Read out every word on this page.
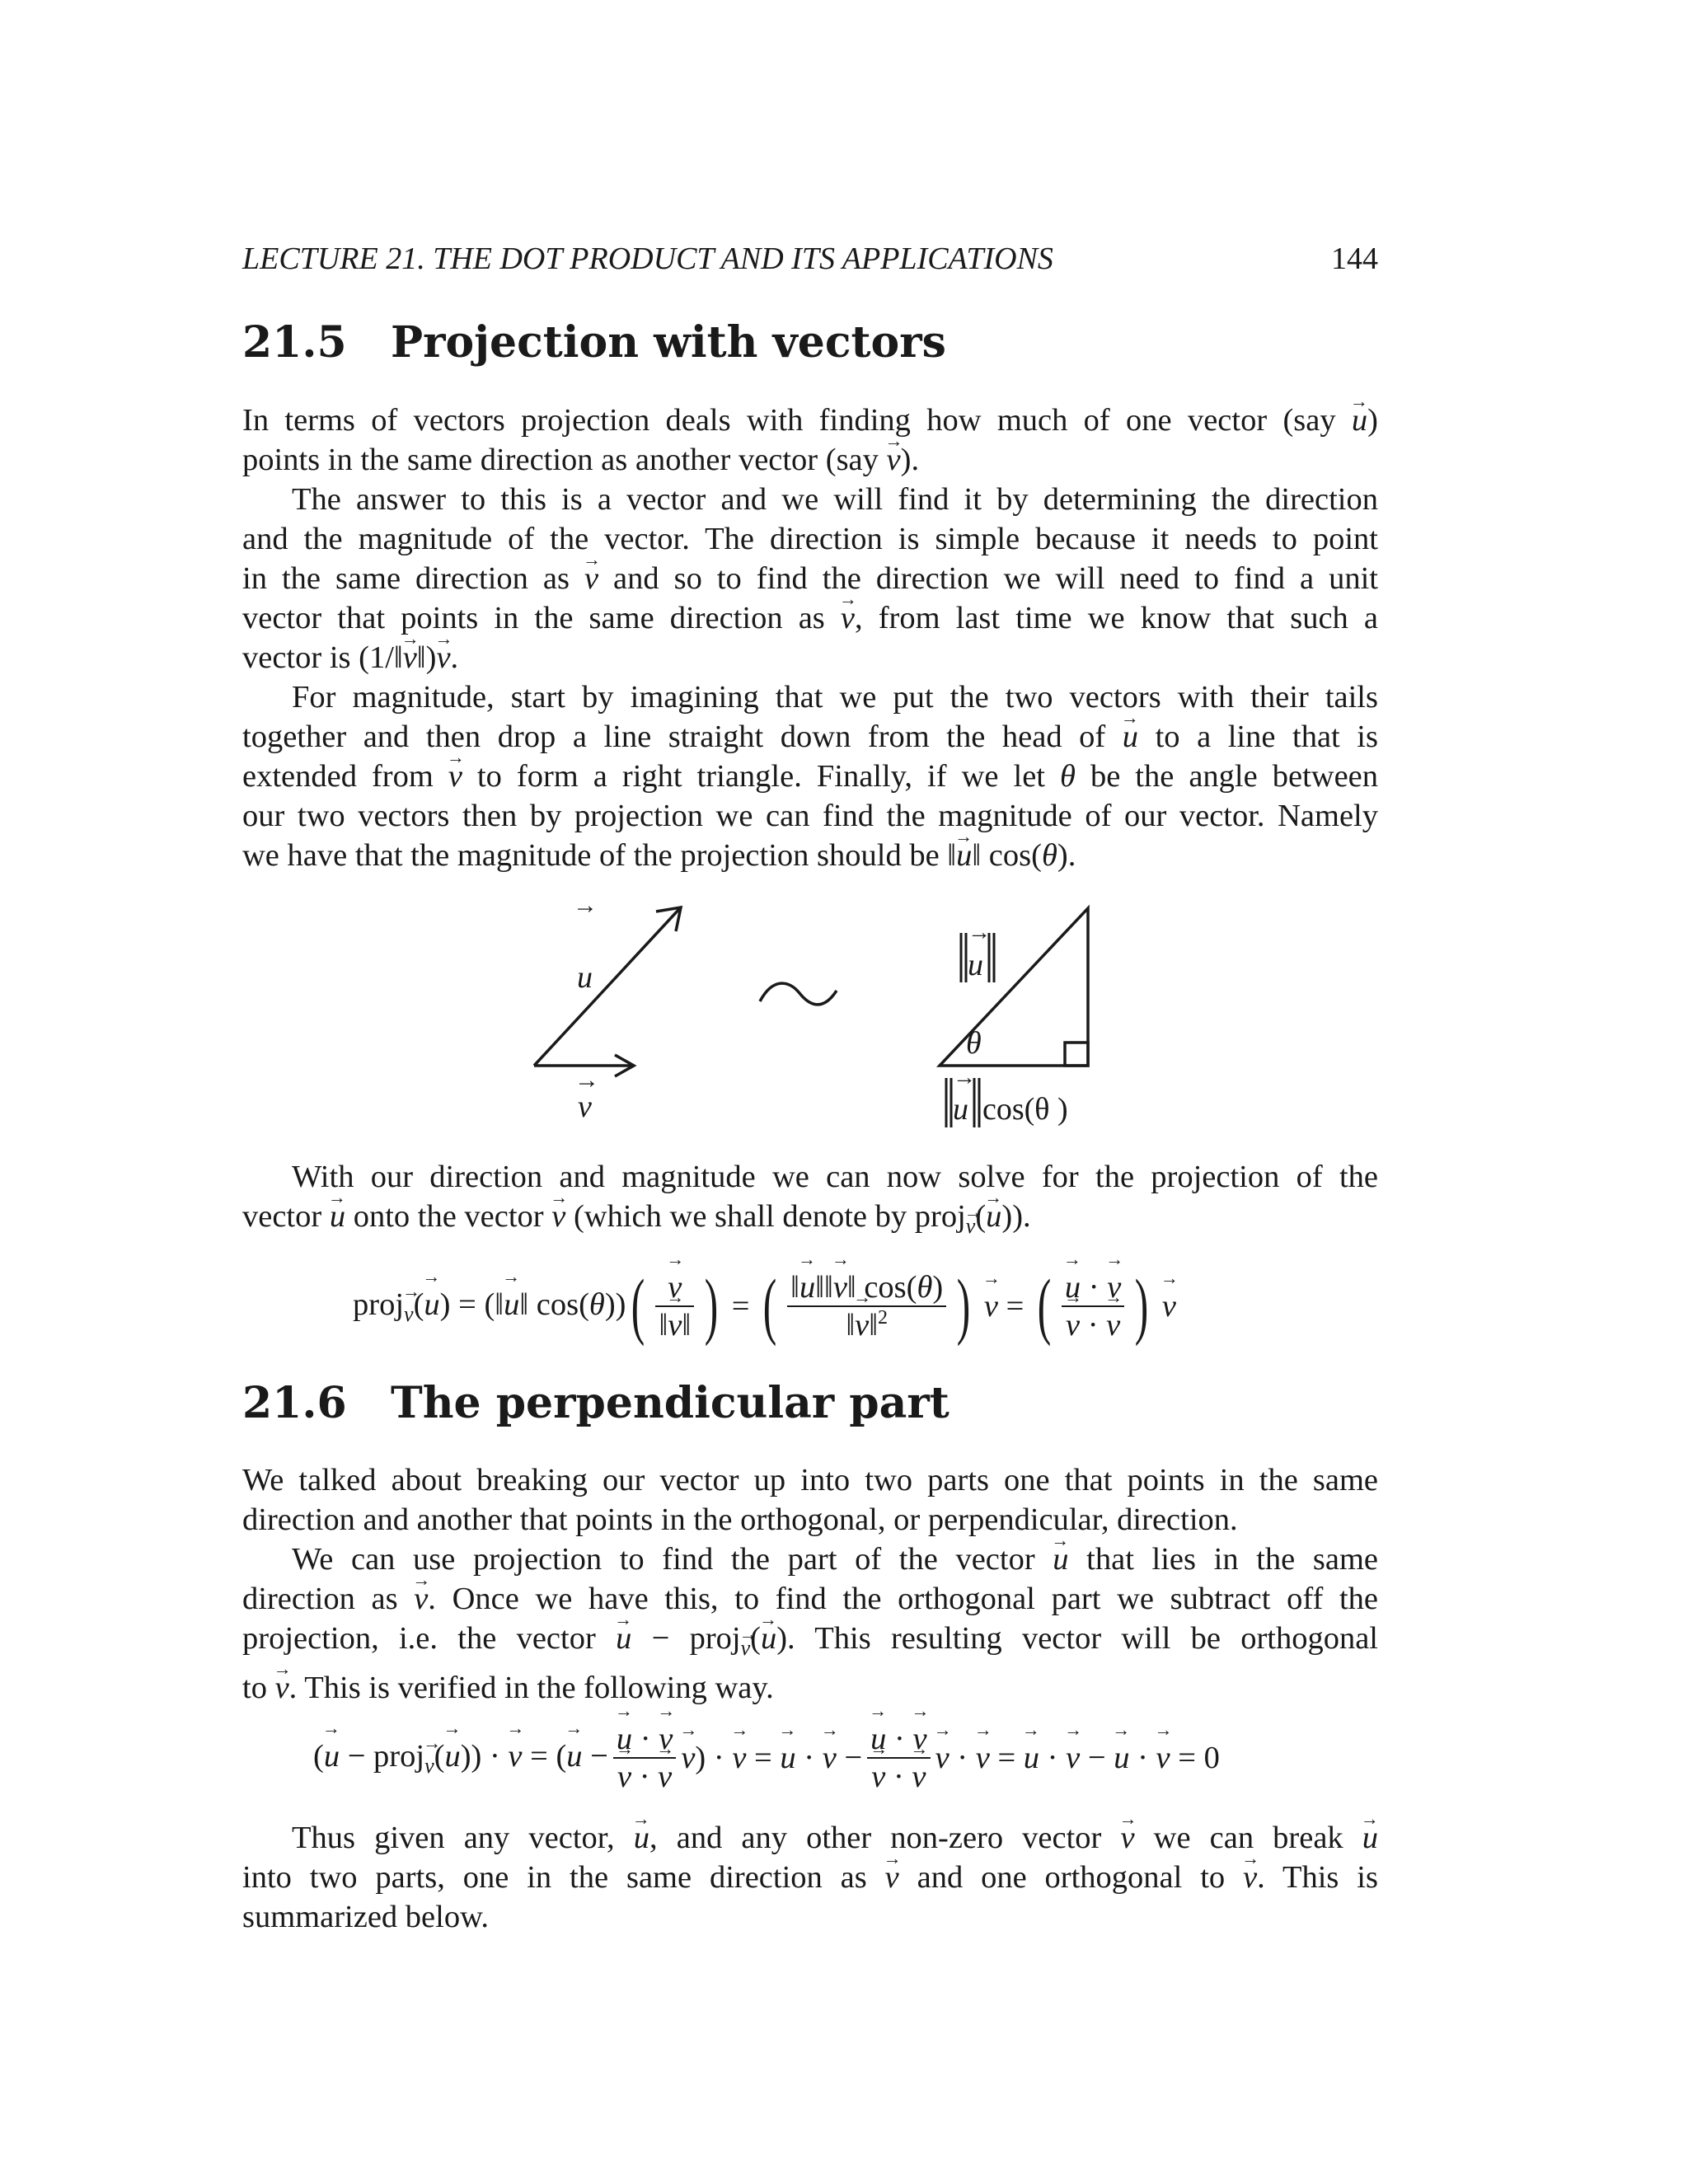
LECTURE 21. THE DOT PRODUCT AND ITS APPLICATIONS	144
21.5 Projection with vectors
In terms of vectors projection deals with finding how much of one vector (say → u)
points in the same direction as another vector (say → v).
The answer to this is a vector and we will find it by determining the direction
and the magnitude of the vector. The direction is simple because it needs to point
in the same direction as → v and so to find the direction we will need to find a unit
vector that points in the same direction as → v, from last time we know that such a
vector is (1/‖→ v‖)→ v.
For magnitude, start by imagining that we put the two vectors with their tails
together and then drop a line straight down from the head of → u to a line that is
extended from → v to form a right triangle. Finally, if we let θ be the angle between
our two vectors then by projection we can find the magnitude of our vector. Namely
we have that the magnitude of the projection should be ‖→ u‖ cos(θ).
→
u
→
v
→
u
θ
→
u cos(θ )
With our direction and magnitude we can now solve for the projection of the
vector → u onto the vector → v (which we shall denote by proj→ $_v$(→ u)).
proj→ $_v$(→ u) = (‖→ u‖ cos(θ)) ( → $\frac{v}{‖\to v‖}$ ) = ( $\frac{‖\to u‖‖\to v‖ \cos(\theta)}{‖\to v‖^2}$ ) → v = ( → u · → v
→ v · → v ) → v
21.6 The perpendicular part
We talked about breaking our vector up into two parts one that points in the same
direction and another that points in the orthogonal, or perpendicular, direction.
We can use projection to find the part of the vector → u that lies in the same
direction as → v. Once we have this, to find the orthogonal part we subtract off the
projection, i.e. the vector → u − proj→ $_v$(→ u). This resulting vector will be orthogonal
to → v. This is verified in the following way.
(→ u − proj→ $_v$(→ u)) · → v = (→ u − → u · → v
→ v · → v → v) · → v = → u · → v − → u · → v
→ v · → v → v · → v = → u · → v − → u · → v = 0
Thus given any vector, → u, and any other non-zero vector → v we can break → u
into two parts, one in the same direction as → v and one orthogonal to → v. This is
summarized below.
